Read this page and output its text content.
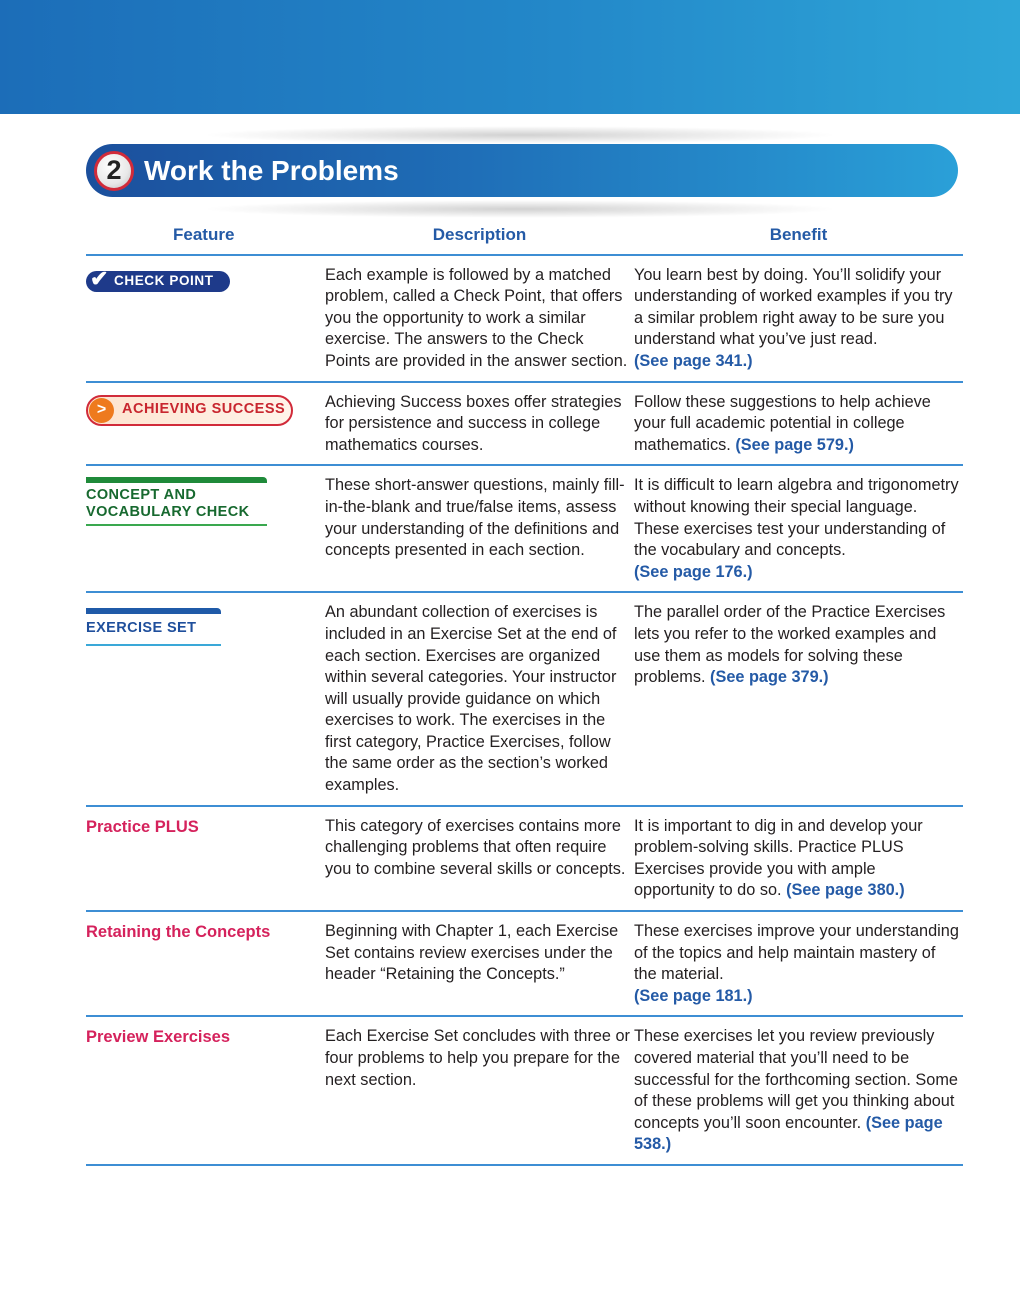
2 Work the Problems
Feature	Description	Benefit

✔ CHECK POINT	Each example is followed by a matched problem, called a Check Point, that offers you the opportunity to work a similar exercise. The answers to the Check Points are provided in the answer section.	You learn best by doing. You’ll solidify your understanding of worked examples if you try a similar problem right away to be sure you understand what you’ve just read.
(See page 341.)

> ACHIEVING SUCCESS	Achieving Success boxes offer strategies for persistence and success in college mathematics courses.	Follow these suggestions to help achieve your full academic potential in college mathematics. (See page 579.)

CONCEPT AND
VOCABULARY CHECK	These short-answer questions, mainly fill-in-the-blank and true/false items, assess your understanding of the definitions and concepts presented in each section.	It is difficult to learn algebra and trigonometry without knowing their special language. These exercises test your understanding of the vocabulary and concepts.
(See page 176.)

EXERCISE SET	An abundant collection of exercises is included in an Exercise Set at the end of each section. Exercises are organized within several categories. Your instructor will usually provide guidance on which exercises to work. The exercises in the first category, Practice Exercises, follow the same order as the section’s worked examples.	The parallel order of the Practice Exercises lets you refer to the worked examples and use them as models for solving these problems. (See page 379.)
Practice PLUS	This category of exercises contains more challenging problems that often require you to combine several skills or concepts.	It is important to dig in and develop your problem-solving skills. Practice PLUS Exercises provide you with ample opportunity to do so. (See page 380.)
Retaining the Concepts	Beginning with Chapter 1, each Exercise Set contains review exercises under the header “Retaining the Concepts.”	These exercises improve your understanding of the topics and help maintain mastery of the material.
(See page 181.)
Preview Exercises	Each Exercise Set concludes with three or four problems to help you prepare for the next section.	These exercises let you review previously covered material that you’ll need to be successful for the forthcoming section. Some of these problems will get you thinking about concepts you’ll soon encounter. (See page 538.)
